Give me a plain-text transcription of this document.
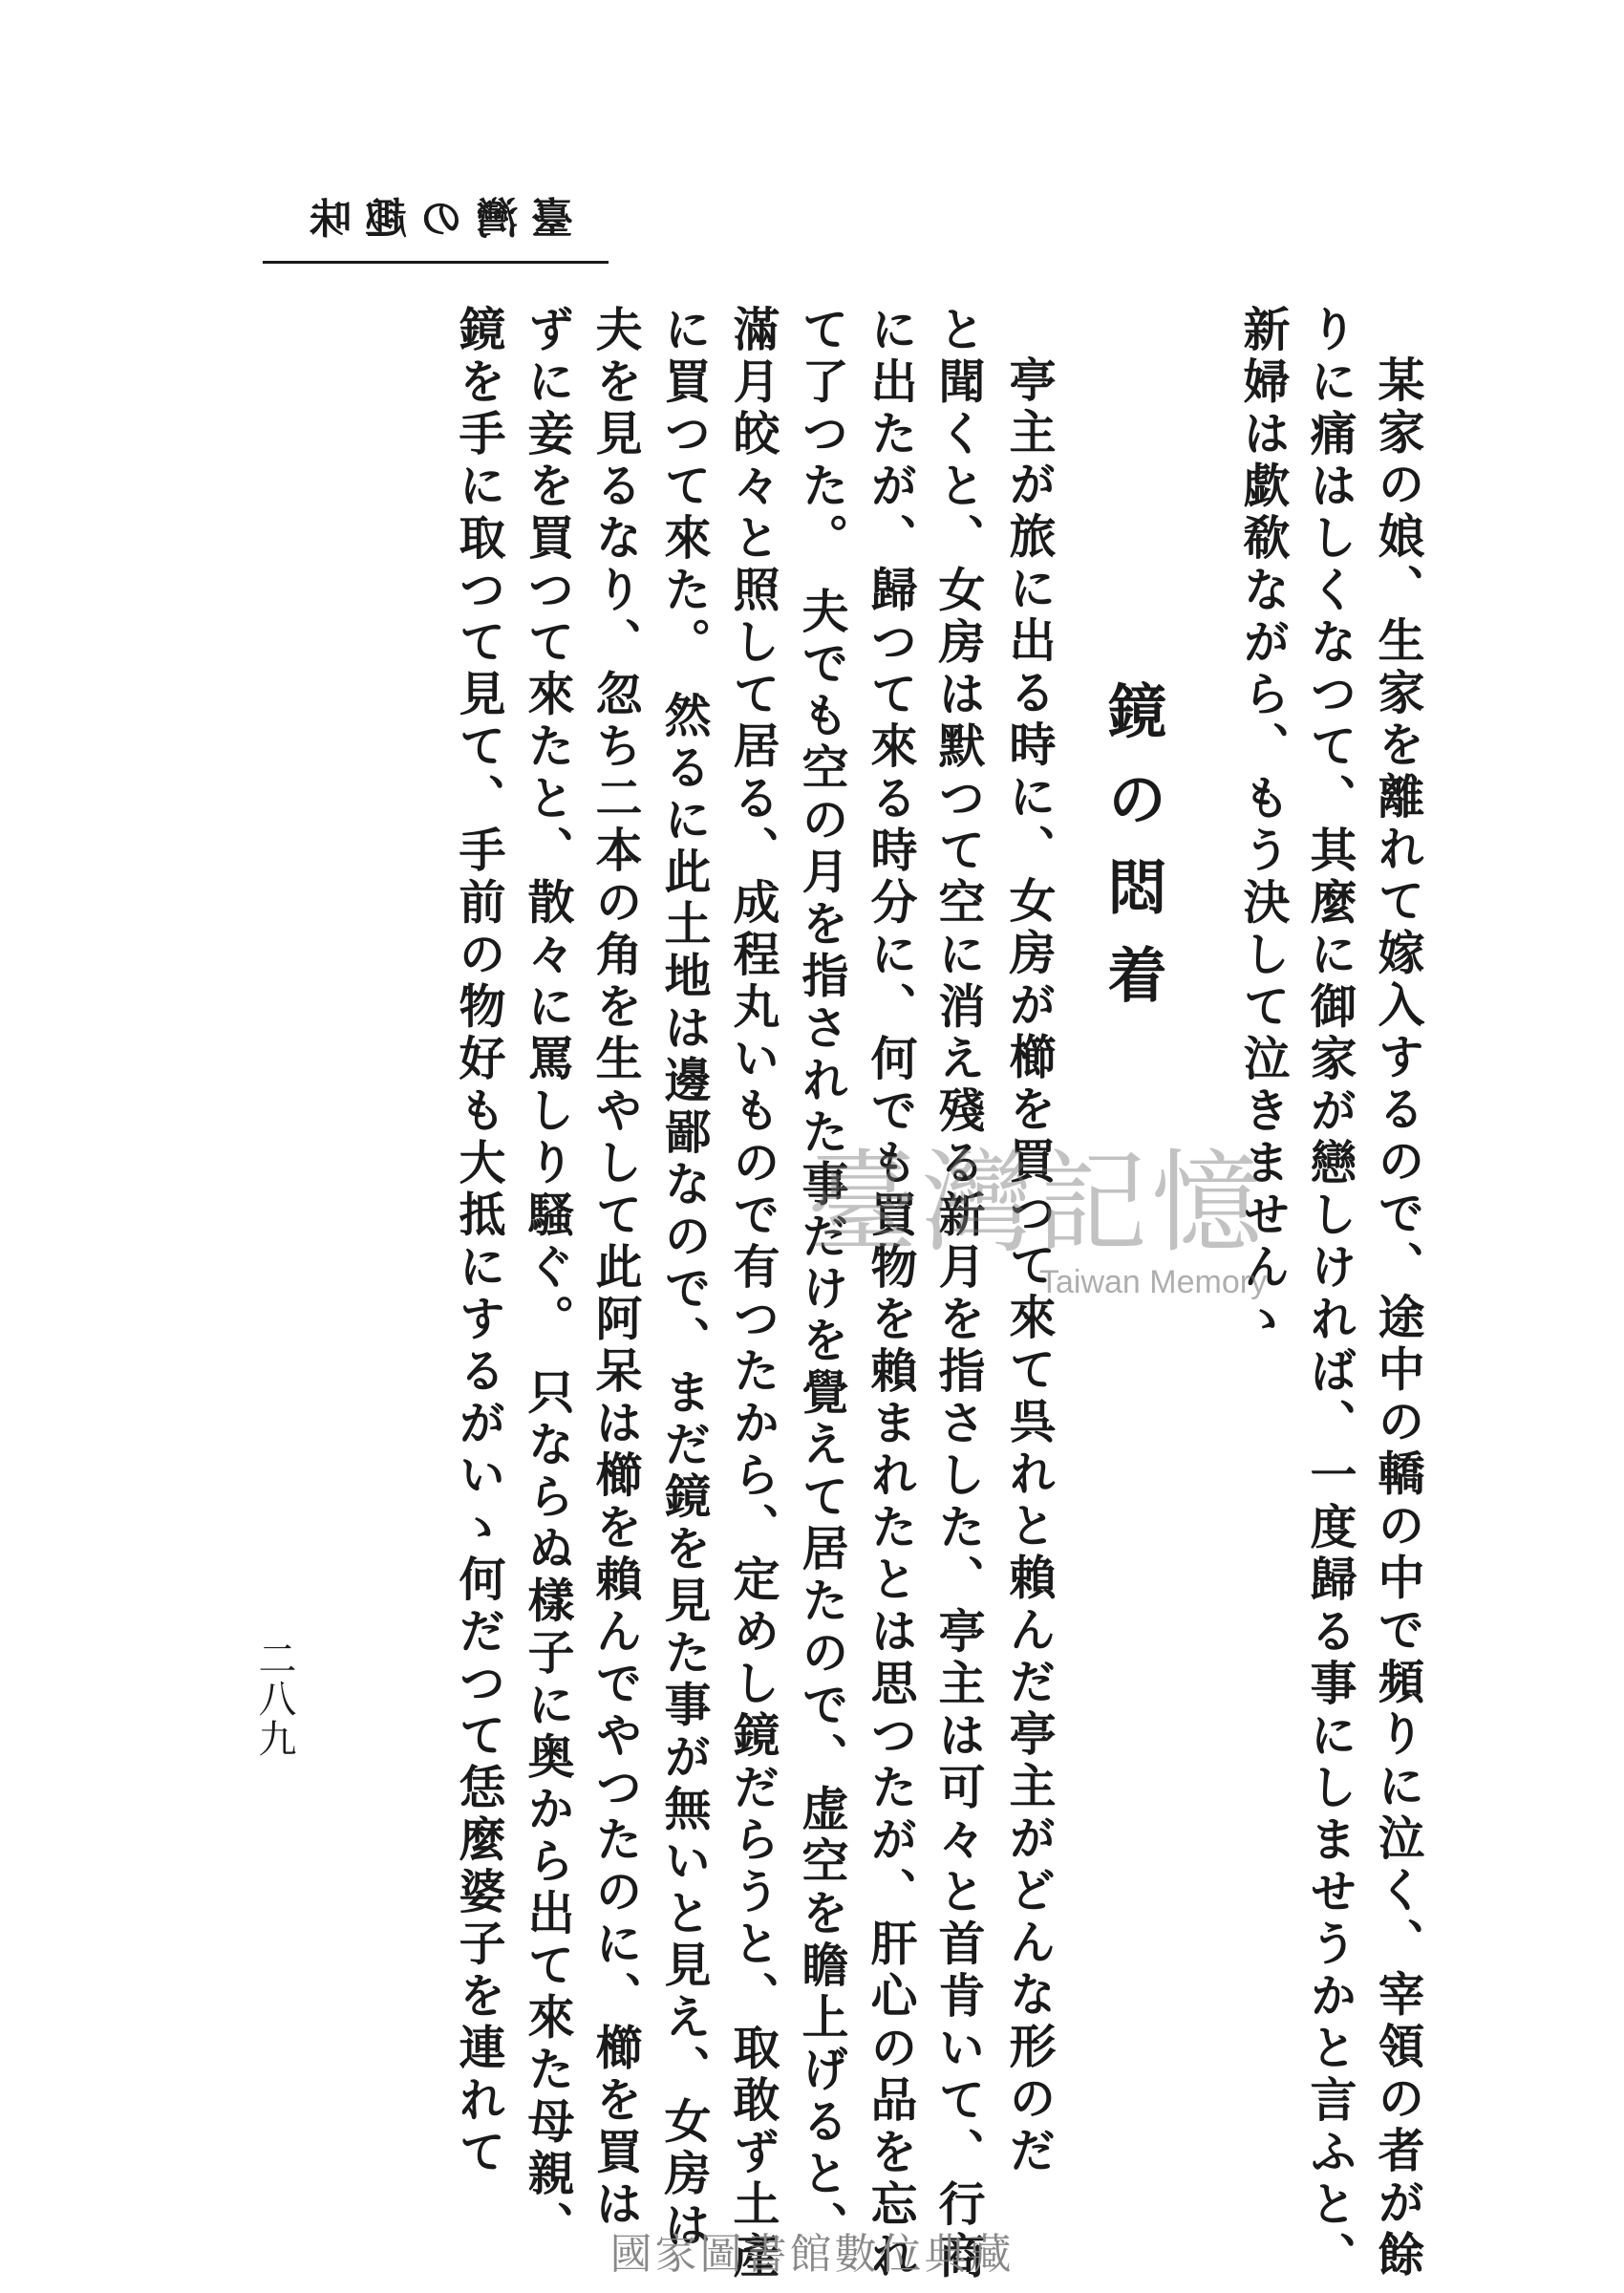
臺灣の趣味
某家の娘、生家を離れて嫁入するので、途中の轎の中で頻りに泣く、宰領の者が餘
りに痛はしくなつて、其麼に御家が戀しければ、一度歸る事にしませうかと言ふと、
新婦は歔欷ながら、もう決して泣きませんゝ
鏡の悶着
亭主が旅に出る時に、女房が櫛を買つて來て呉れと賴んだ亭主がどんな形のだ
と聞くと、女房は默つて空に消え殘る新月を指さした、亭主は可々と首肯いて、行商
に出たが、歸つて來る時分に、何でも買物を賴まれたとは思つたが、肝心の品を忘れ
て了つた。 夫でも空の月を指された事だけを覺えて居たので、虚空を瞻上げると、
滿月皎々と照して居る、成程丸いもので有つたから、定めし鏡だらうと、取敢ず土產
に買つて來た。 然るに此土地は邊鄙なので、まだ鏡を見た事が無いと見え、女房は
夫を見るなり、忽ち二本の角を生やして此阿呆は櫛を賴んでやつたのに、櫛を買は
ずに妾を買つて來たと、散々に罵しり騷ぐ。 只ならぬ樣子に奥から出て來た母親、
鏡を手に取つて見て、手前の物好も大抵にするがいゝ何だつて恁麼婆子を連れて
二八九
臺灣記憶
Taiwan Memory
國家圖書館數位典藏
